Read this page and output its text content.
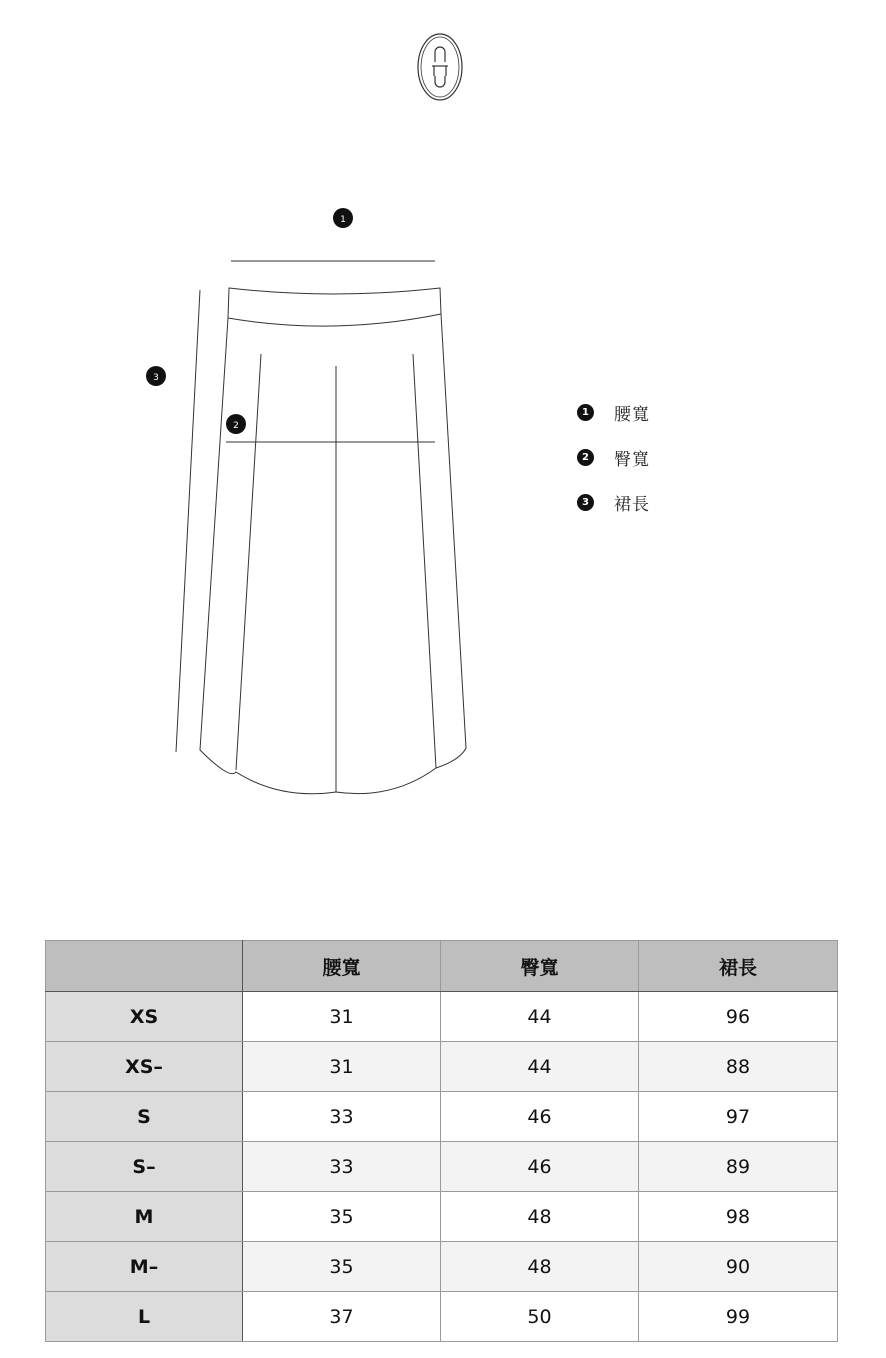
1
2
3
1 腰寬
2 臀寬
3 裙長
	腰寬	臀寬	裙長
XS	31	44	96
XS–	31	44	88
S	33	46	97
S–	33	46	89
M	35	48	98
M–	35	48	90
L	37	50	99
